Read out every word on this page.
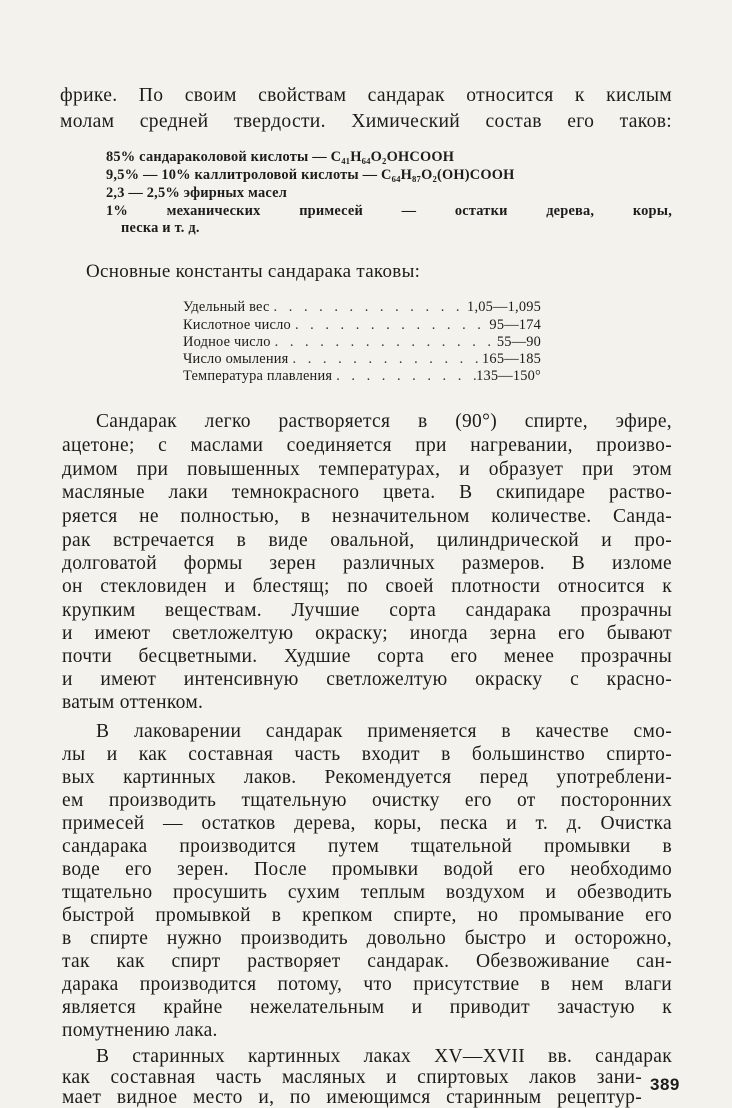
фрике. По своим свойствам сандарак относится к кислым
молам средней твердости. Химический состав его таков:
85% сандараколовой кислоты — C₄₁H₆₄O₂OHCOOH
9,5% — 10% каллитроловой кислоты — C₆₄H₈₇O₂(OH)COOH
2,3 — 2,5% эфирных масел
1% механических примесей — остатки дерева, коры,
песка и т. д.
Основные константы сандарака таковы:
Удельный вес . . .	1,05—1,095
Кислотное число . . .	95—174
Иодное число . . .	55—90
Число омыления . . .	165—185
Температура плавления . . .	135—150°
Сандарак легко растворяется в (90°) спирте, эфире,
ацетоне; с маслами соединяется при нагревании, произво-
димом при повышенных температурах, и образует при этом
масляные лаки темнокрасного цвета. В скипидаре раство-
ряется не полностью, в незначительном количестве. Санда-
рак встречается в виде овальной, цилиндрической и про-
долговатой формы зерен различных размеров. В изломе
он стекловиден и блестящ; по своей плотности относится к
крупким веществам. Лучшие сорта сандарака прозрачны
и имеют светложелтую окраску; иногда зерна его бывают
почти бесцветными. Худшие сорта его менее прозрачны
и имеют интенсивную светложелтую окраску с красно-
ватым оттенком.
В лаковарении сандарак применяется в качестве смо-
лы и как составная часть входит в большинство спирто-
вых картинных лаков. Рекомендуется перед употреблени-
ем производить тщательную очистку его от посторонних
примесей — остатков дерева, коры, песка и т. д. Очистка
сандарака производится путем тщательной промывки в
воде его зерен. После промывки водой его необходимо
тщательно просушить сухим теплым воздухом и обезводить
быстрой промывкой в крепком спирте, но промывание его
в спирте нужно производить довольно быстро и осторожно,
так как спирт растворяет сандарак. Обезвоживание сан-
дарака производится потому, что присутствие в нем влаги
является крайне нежелательным и приводит зачастую к
помутнению лака.
В старинных картинных лаках XV—XVII вв. сандарак
как составная часть масляных и спиртовых лаков зани-
мает видное место и, по имеющимся старинным рецептур-
389
